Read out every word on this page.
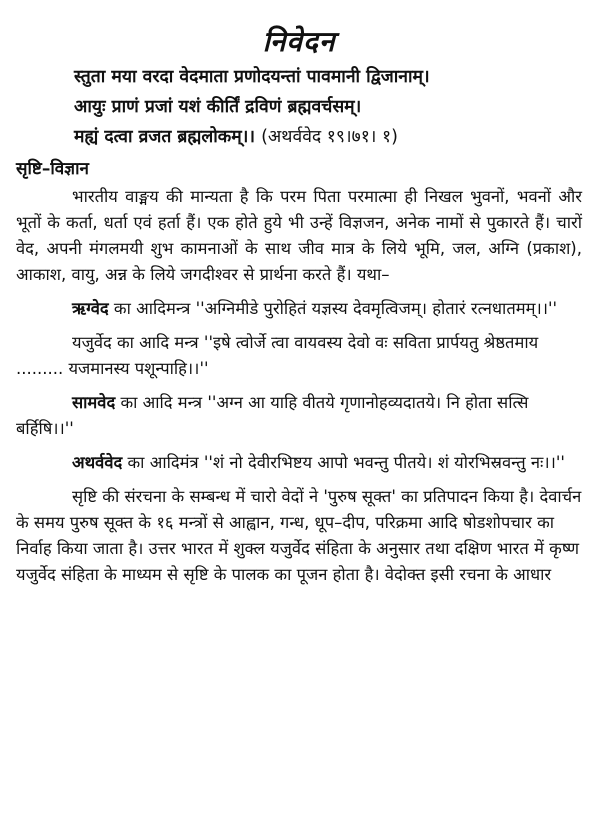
निवेदन
स्तुता मया वरदा वेदमाता प्रणोदयन्तां पावमानी द्विजानाम्।
आयुः प्राणं प्रजां यशं कीर्तिं द्रविणं ब्रह्मवर्चसम्।
मह्यं दत्वा व्रजत ब्रह्मलोकम्।। (अथर्ववेद १९।७१। १)
सृष्टि–विज्ञान

भारतीय वाङ्मय की मान्यता है कि परम पिता परमात्मा ही निखल भुवनों, भवनों और भूतों के कर्ता, धर्ता एवं हर्ता हैं। एक होते हुये भी उन्हें विज्ञजन, अनेक नामों से पुकारते हैं। चारों वेद, अपनी मंगलमयी शुभ कामनाओं के साथ जीव मात्र के लिये भूमि, जल, अग्नि (प्रकाश), आकाश, वायु, अन्न के लिये जगदीश्वर से प्रार्थना करते हैं। यथा–

ऋग्वेद का आदिमन्त्र ''अग्निमीडे पुरोहितं यज्ञस्य देवमृत्विजम्। होतारं रत्नधातमम्।।''

यजुर्वेद का आदि मन्त्र ''इषे त्वोर्जे त्वा वायवस्य देवो वः सविता प्रार्पयतु श्रेष्ठतमाय ......... यजमानस्य पशून्पाहि।।''

सामवेद का आदि मन्त्र ''अग्न आ याहि वीतये गृणानोहव्यदातये। नि होता सत्सि बर्हिषि।।''

अथर्ववेद का आदिमंत्र ''शं नो देवीरभिष्टय आपो भवन्तु पीतये। शं योरभिस्रवन्तु नः।।''

सृष्टि की संरचना के सम्बन्ध में चारो वेदों ने 'पुरुष सूक्त' का प्रतिपादन किया है। देवार्चन के समय पुरुष सूक्त के १६ मन्त्रों से आह्वान, गन्ध, धूप–दीप, परिक्रमा आदि षोडशोपचार का निर्वाह किया जाता है। उत्तर भारत में शुक्ल यजुर्वेद संहिता के अनुसार तथा दक्षिण भारत में कृष्ण यजुर्वेद संहिता के माध्यम से सृष्टि के पालक का पूजन होता है। वेदोक्त इसी रचना के आधार
